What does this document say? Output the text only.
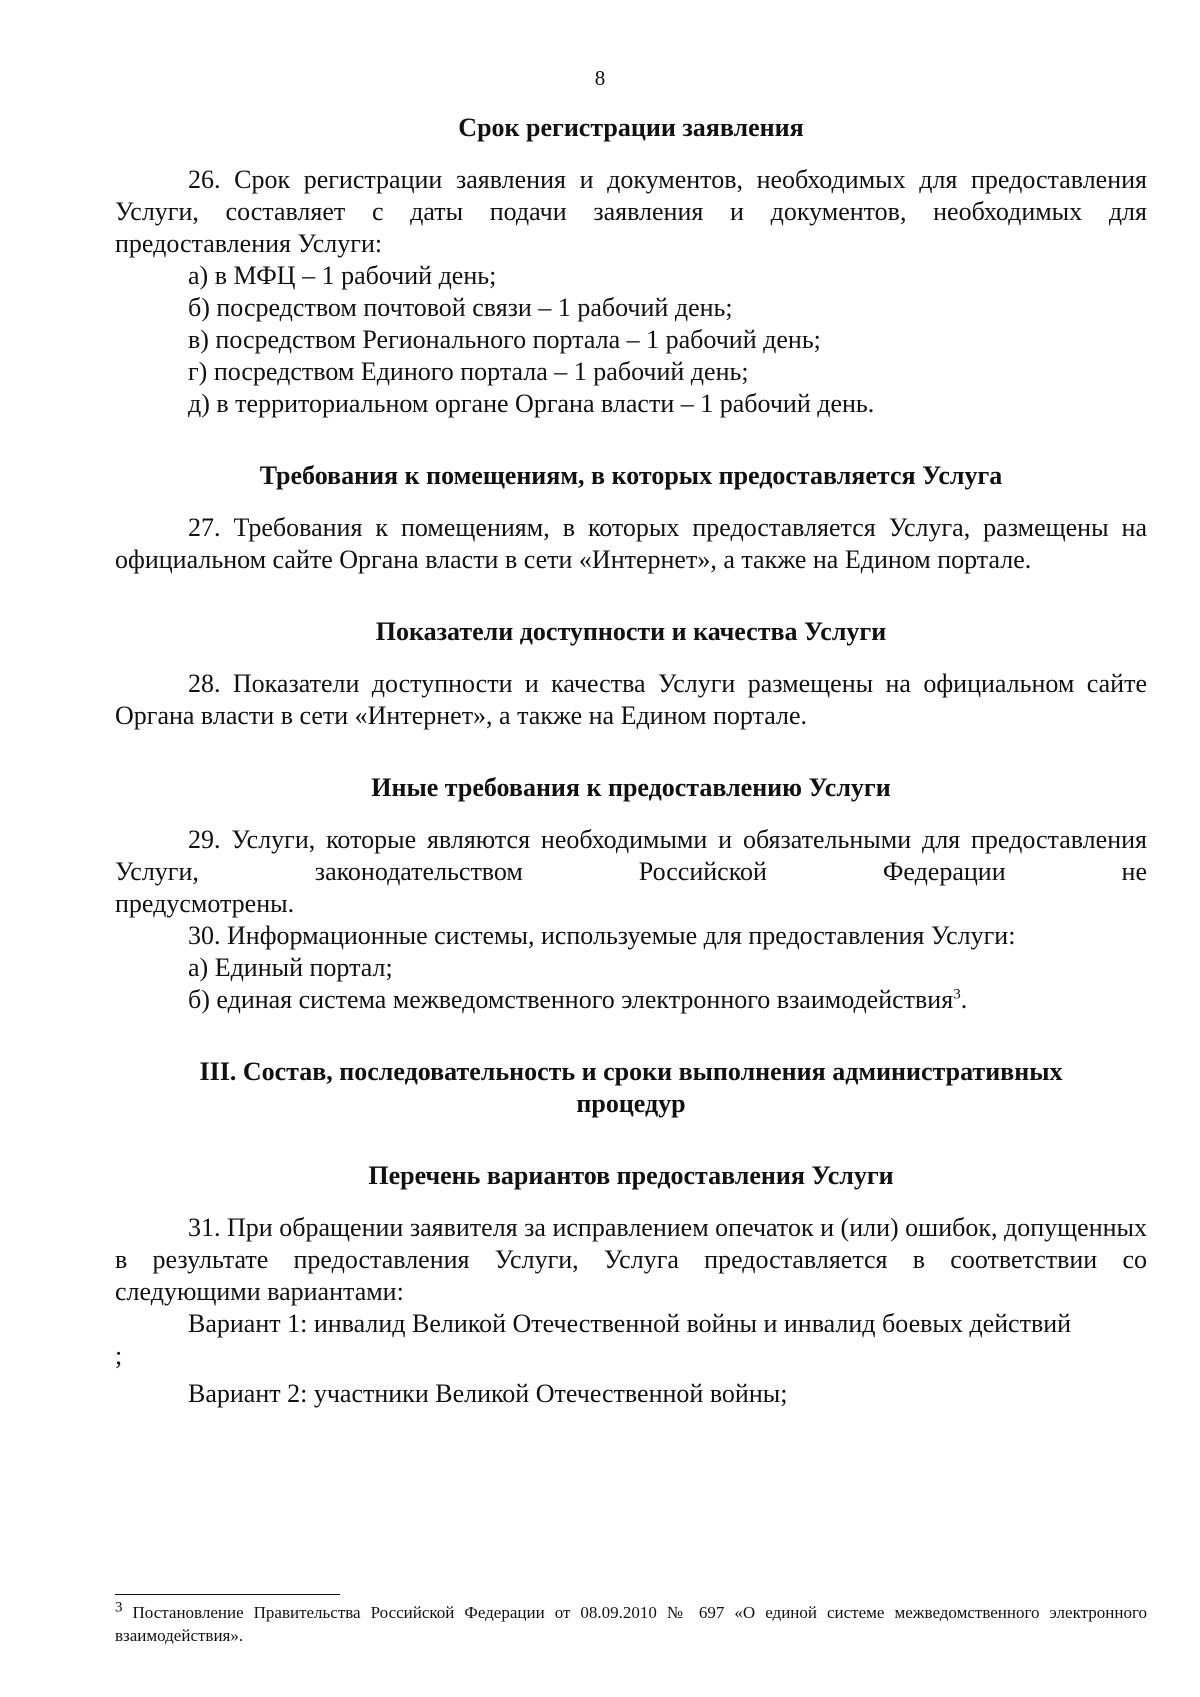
8

Срок регистрации заявления

26. Срок регистрации заявления и документов, необходимых для предоставления Услуги, составляет с даты подачи заявления и документов, необходимых для предоставления Услуги:

а) в МФЦ – 1 рабочий день;

б) посредством почтовой связи – 1 рабочий день;

в) посредством Регионального портала – 1 рабочий день;

г) посредством Единого портала – 1 рабочий день;

д) в территориальном органе Органа власти – 1 рабочий день.

Требования к помещениям, в которых предоставляется Услуга

27. Требования к помещениям, в которых предоставляется Услуга, размещены на официальном сайте Органа власти в сети «Интернет», а также на Едином портале.

Показатели доступности и качества Услуги

28. Показатели доступности и качества Услуги размещены на официальном сайте Органа власти в сети «Интернет», а также на Едином портале.

Иные требования к предоставлению Услуги

29. Услуги, которые являются необходимыми и обязательными для предоставления Услуги, законодательством Российской Федерации не

предусмотрены.

30. Информационные системы, используемые для предоставления Услуги:

а) Единый портал;

б) единая система межведомственного электронного взаимодействия$^3$.

III. Состав, последовательность и сроки выполнения административных

процедур

Перечень вариантов предоставления Услуги

31. При обращении заявителя за исправлением опечаток и (или) ошибок, допущенных в результате предоставления Услуги, Услуга предоставляется в соответствии со следующими вариантами:

Вариант 1: инвалид Великой Отечественной войны и инвалид боевых действий

;

Вариант 2: участники Великой Отечественной войны;

$^3$ Постановление Правительства Российской Федерации от 08.09.2010 № 697 «О единой системе межведомственного электронного взаимодействия».
